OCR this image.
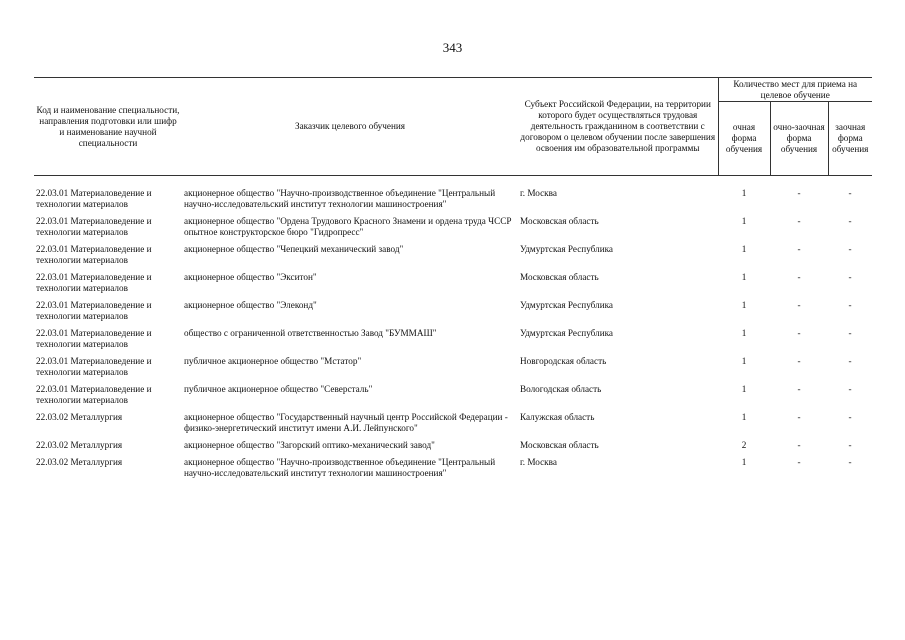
343
Код и наименование специальности, направления подготовки или шифр и наименование научной специальности	Заказчик целевого обучения	Субъект Российской Федерации, на территории которого будет осуществляться трудовая деятельность гражданином в соответствии с договором о целевом обучении после завершения освоения им образовательной программы	Количество мест для приема на целевое обучение		
			очная форма обучения	очно-заочная форма обучения	заочная форма обучения

22.03.01 Материаловедение и технологии материалов	акционерное общество "Научно-производственное объединение "Центральный научно-исследовательский институт технологии машиностроения"	г. Москва	1	-	-
22.03.01 Материаловедение и технологии материалов	акционерное общество "Ордена Трудового Красного Знамени и ордена труда ЧССР опытное конструкторское бюро "Гидропресс"	Московская область	1	-	-
22.03.01 Материаловедение и технологии материалов	акционерное общество "Чепецкий механический завод"	Удмуртская Республика	1	-	-
22.03.01 Материаловедение и технологии материалов	акционерное общество "Экситон"	Московская область	1	-	-
22.03.01 Материаловедение и технологии материалов	акционерное общество "Элеконд"	Удмуртская Республика	1	-	-
22.03.01 Материаловедение и технологии материалов	общество с ограниченной ответственностью Завод "БУММАШ"	Удмуртская Республика	1	-	-
22.03.01 Материаловедение и технологии материалов	публичное акционерное общество "Мстатор"	Новгородская область	1	-	-
22.03.01 Материаловедение и технологии материалов	публичное акционерное общество "Северсталь"	Вологодская область	1	-	-
22.03.02 Металлургия	акционерное общество "Государственный научный центр Российской Федерации - физико-энергетический институт имени А.И. Лейпунского"	Калужская область	1	-	-
22.03.02 Металлургия	акционерное общество "Загорский оптико-механический завод"	Московская область	2	-	-
22.03.02 Металлургия	акционерное общество "Научно-производственное объединение "Центральный научно-исследовательский институт технологии машиностроения"	г. Москва	1	-	-
